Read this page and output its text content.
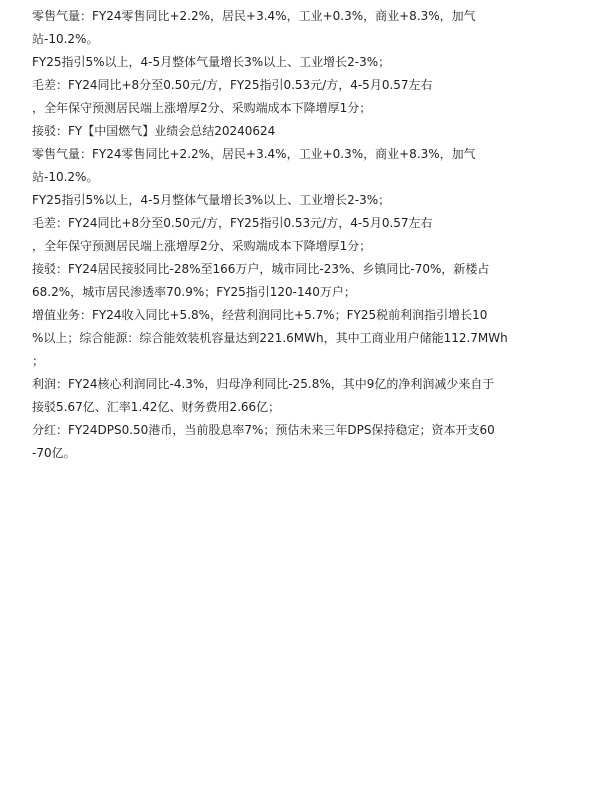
零售气量：FY24零售同比+2.2%，居民+3.4%，工业+0.3%，商业+8.3%，加气
站-10.2%。
FY25指引5%以上，4-5月整体气量增长3%以上、工业增长2-3%；
毛差：FY24同比+8分至0.50元/方，FY25指引0.53元/方，4-5月0.57左右
，全年保守预测居民端上涨增厚2分、采购端成本下降增厚1分；
接驳：FY【中国燃气】业绩会总结20240624
零售气量：FY24零售同比+2.2%，居民+3.4%，工业+0.3%，商业+8.3%，加气
站-10.2%。
FY25指引5%以上，4-5月整体气量增长3%以上、工业增长2-3%；
毛差：FY24同比+8分至0.50元/方，FY25指引0.53元/方，4-5月0.57左右
，全年保守预测居民端上涨增厚2分、采购端成本下降增厚1分；
接驳：FY24居民接驳同比-28%至166万户，城市同比-23%、乡镇同比-70%，新楼占
68.2%，城市居民渗透率70.9%；FY25指引120-140万户；
增值业务：FY24收入同比+5.8%，经营利润同比+5.7%；FY25税前利润指引增长10
%以上；综合能源：综合能效装机容量达到221.6MWh，其中工商业用户储能112.7MWh
；
利润：FY24核心利润同比-4.3%，归母净利同比-25.8%，其中9亿的净利润减少来自于
接驳5.67亿、汇率1.42亿、财务费用2.66亿；
分红：FY24DPS0.50港币，当前股息率7%；预估未来三年DPS保持稳定；资本开支60
-70亿。
